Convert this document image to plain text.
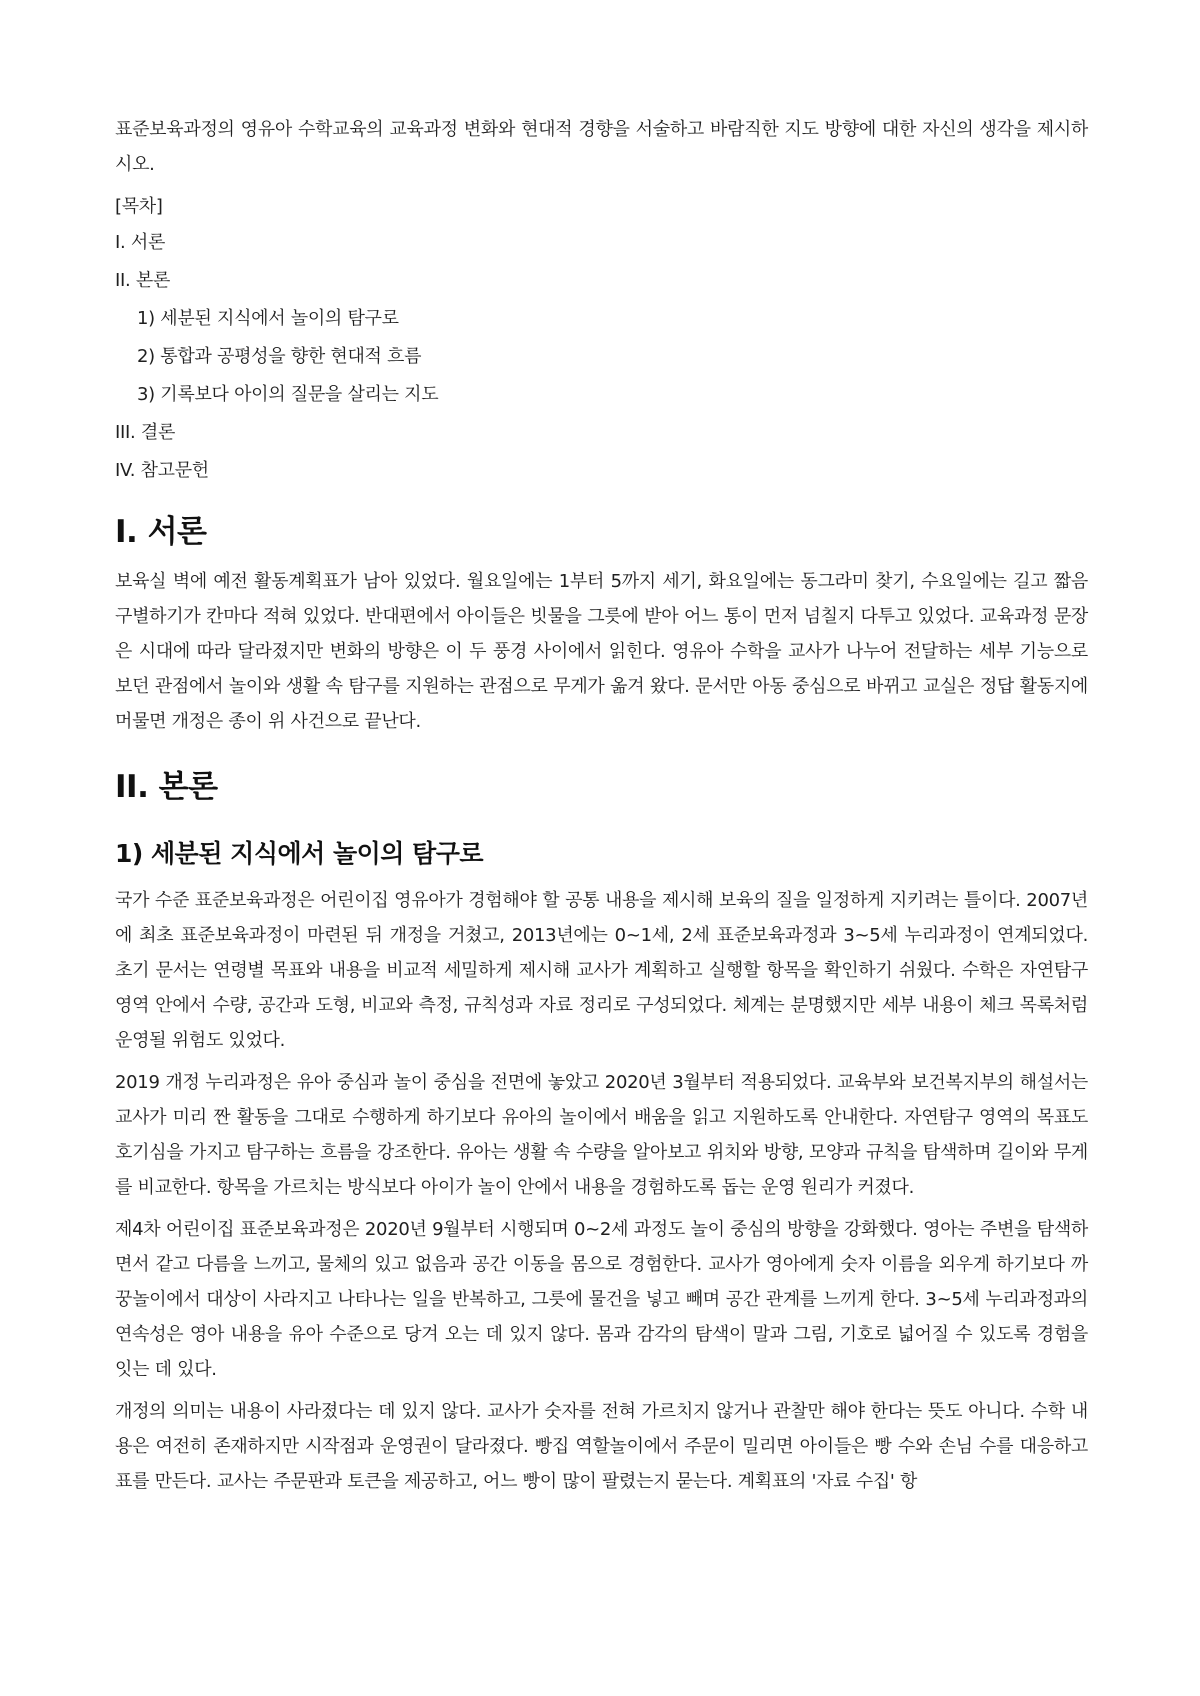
표준보육과정의 영유아 수학교육의 교육과정 변화와 현대적 경향을 서술하고 바람직한 지도 방향에 대한 자신의 생각을 제시하시오.

[목차]

I. 서론
II. 본론
1) 세분된 지식에서 놀이의 탐구로
2) 통합과 공평성을 향한 현대적 흐름
3) 기록보다 아이의 질문을 살리는 지도
III. 결론
IV. 참고문헌
I. 서론

보육실 벽에 예전 활동계획표가 남아 있었다. 월요일에는 1부터 5까지 세기, 화요일에는 동그라미 찾기, 수요일에는 길고 짧음 구별하기가 칸마다 적혀 있었다. 반대편에서 아이들은 빗물을 그릇에 받아 어느 통이 먼저 넘칠지 다투고 있었다. 교육과정 문장은 시대에 따라 달라졌지만 변화의 방향은 이 두 풍경 사이에서 읽힌다. 영유아 수학을 교사가 나누어 전달하는 세부 기능으로 보던 관점에서 놀이와 생활 속 탐구를 지원하는 관점으로 무게가 옮겨 왔다. 문서만 아동 중심으로 바뀌고 교실은 정답 활동지에 머물면 개정은 종이 위 사건으로 끝난다.

II. 본론
1) 세분된 지식에서 놀이의 탐구로

국가 수준 표준보육과정은 어린이집 영유아가 경험해야 할 공통 내용을 제시해 보육의 질을 일정하게 지키려는 틀이다. 2007년에 최초 표준보육과정이 마련된 뒤 개정을 거쳤고, 2013년에는 0~1세, 2세 표준보육과정과 3~5세 누리과정이 연계되었다. 초기 문서는 연령별 목표와 내용을 비교적 세밀하게 제시해 교사가 계획하고 실행할 항목을 확인하기 쉬웠다. 수학은 자연탐구 영역 안에서 수량, 공간과 도형, 비교와 측정, 규칙성과 자료 정리로 구성되었다. 체계는 분명했지만 세부 내용이 체크 목록처럼 운영될 위험도 있었다.

2019 개정 누리과정은 유아 중심과 놀이 중심을 전면에 놓았고 2020년 3월부터 적용되었다. 교육부와 보건복지부의 해설서는 교사가 미리 짠 활동을 그대로 수행하게 하기보다 유아의 놀이에서 배움을 읽고 지원하도록 안내한다. 자연탐구 영역의 목표도 호기심을 가지고 탐구하는 흐름을 강조한다. 유아는 생활 속 수량을 알아보고 위치와 방향, 모양과 규칙을 탐색하며 길이와 무게를 비교한다. 항목을 가르치는 방식보다 아이가 놀이 안에서 내용을 경험하도록 돕는 운영 원리가 커졌다.

제4차 어린이집 표준보육과정은 2020년 9월부터 시행되며 0~2세 과정도 놀이 중심의 방향을 강화했다. 영아는 주변을 탐색하면서 같고 다름을 느끼고, 물체의 있고 없음과 공간 이동을 몸으로 경험한다. 교사가 영아에게 숫자 이름을 외우게 하기보다 까꿍놀이에서 대상이 사라지고 나타나는 일을 반복하고, 그릇에 물건을 넣고 빼며 공간 관계를 느끼게 한다. 3~5세 누리과정과의 연속성은 영아 내용을 유아 수준으로 당겨 오는 데 있지 않다. 몸과 감각의 탐색이 말과 그림, 기호로 넓어질 수 있도록 경험을 잇는 데 있다.

개정의 의미는 내용이 사라졌다는 데 있지 않다. 교사가 숫자를 전혀 가르치지 않거나 관찰만 해야 한다는 뜻도 아니다. 수학 내용은 여전히 존재하지만 시작점과 운영권이 달라졌다. 빵집 역할놀이에서 주문이 밀리면 아이들은 빵 수와 손님 수를 대응하고 표를 만든다. 교사는 주문판과 토큰을 제공하고, 어느 빵이 많이 팔렸는지 묻는다. 계획표의 '자료 수집' 항
